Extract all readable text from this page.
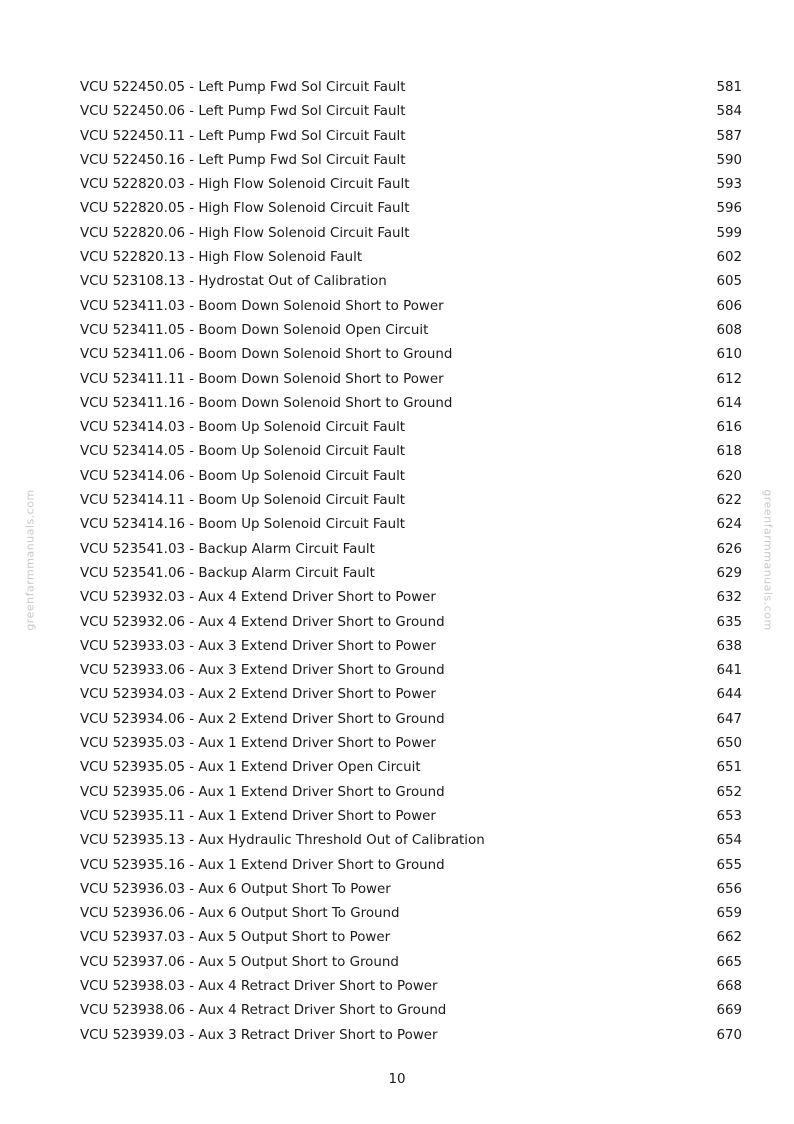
greenfarmmanuals.com	greenfarmmanuals.com
VCU 522450.05 - Left Pump Fwd Sol Circuit Fault	581
VCU 522450.06 - Left Pump Fwd Sol Circuit Fault	584
VCU 522450.11 - Left Pump Fwd Sol Circuit Fault	587
VCU 522450.16 - Left Pump Fwd Sol Circuit Fault	590
VCU 522820.03 - High Flow Solenoid Circuit Fault	593
VCU 522820.05 - High Flow Solenoid Circuit Fault	596
VCU 522820.06 - High Flow Solenoid Circuit Fault	599
VCU 522820.13 - High Flow Solenoid Fault	602
VCU 523108.13 - Hydrostat Out of Calibration	605
VCU 523411.03 - Boom Down Solenoid Short to Power	606
VCU 523411.05 - Boom Down Solenoid Open Circuit	608
VCU 523411.06 - Boom Down Solenoid Short to Ground	610
VCU 523411.11 - Boom Down Solenoid Short to Power	612
VCU 523411.16 - Boom Down Solenoid Short to Ground	614
VCU 523414.03 - Boom Up Solenoid Circuit Fault	616
VCU 523414.05 - Boom Up Solenoid Circuit Fault	618
VCU 523414.06 - Boom Up Solenoid Circuit Fault	620
VCU 523414.11 - Boom Up Solenoid Circuit Fault	622
VCU 523414.16 - Boom Up Solenoid Circuit Fault	624
VCU 523541.03 - Backup Alarm Circuit Fault	626
VCU 523541.06 - Backup Alarm Circuit Fault	629
VCU 523932.03 - Aux 4 Extend Driver Short to Power	632
VCU 523932.06 - Aux 4 Extend Driver Short to Ground	635
VCU 523933.03 - Aux 3 Extend Driver Short to Power	638
VCU 523933.06 - Aux 3 Extend Driver Short to Ground	641
VCU 523934.03 - Aux 2 Extend Driver Short to Power	644
VCU 523934.06 - Aux 2 Extend Driver Short to Ground	647
VCU 523935.03 - Aux 1 Extend Driver Short to Power	650
VCU 523935.05 - Aux 1 Extend Driver Open Circuit	651
VCU 523935.06 - Aux 1 Extend Driver Short to Ground	652
VCU 523935.11 - Aux 1 Extend Driver Short to Power	653
VCU 523935.13 - Aux Hydraulic Threshold Out of Calibration	654
VCU 523935.16 - Aux 1 Extend Driver Short to Ground	655
VCU 523936.03 - Aux 6 Output Short To Power	656
VCU 523936.06 - Aux 6 Output Short To Ground	659
VCU 523937.03 - Aux 5 Output Short to Power	662
VCU 523937.06 - Aux 5 Output Short to Ground	665
VCU 523938.03 - Aux 4 Retract Driver Short to Power	668
VCU 523938.06 - Aux 4 Retract Driver Short to Ground	669
VCU 523939.03 - Aux 3 Retract Driver Short to Power	670
10
